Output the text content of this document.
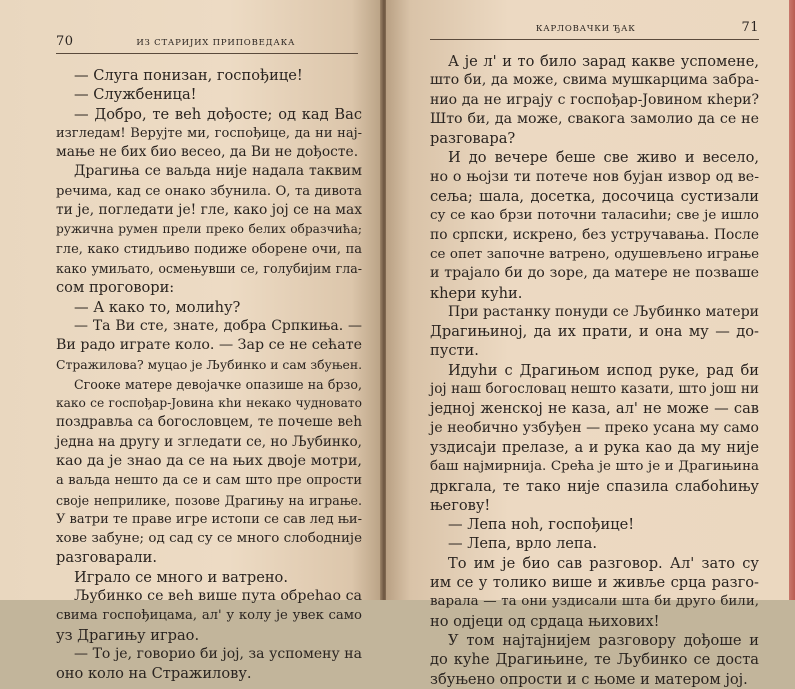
70	ИЗ СТАРИЈИХ ПРИПОВЕДАКА
— Слуга понизан, госпођице!
— Службеница!
— Добро, те веһ дођосте; од кад Вас
изгледам! Верујте ми, госпођице, да ни нај-
мање не бих био весео, да Ви не дођосте.
Драгиња се ваљда није надала таквим
речима, кад се онако збунила. О, та дивота
ти је, погледати је! гле, како јој се на мах
ружична румен прели преко белих образчића;
гле, како стидљиво подиже оборене очи, па
како умиљато, осмењувши се, голубијим гла-
сом проговори:
— А како то, молиһу?
— Та Ви сте, знате, добра Српкиња. —
Ви радо играте коло. — Зар се не сећате
Стражилова? муцао је Љубинко и сам збуњен.
Сгооке матере девојачке опазише на брзо,
како се госпођар-Јовина кһи некако чудновато
поздравља са богословцем, те почеше веһ
једна на другу и згледати се, но Љубинко,
као да је знао да се на њих двоје мотри,
а ваљда нешто да се и сам што пре опрости
своје неприлике, позове Драгињу на играње.
У ватри те праве игре истопи се сав лед њи-
хове забуне; од сад су се много слободније
разговарали.
Играло се много и ватрено.
Љубинко се веһ више пута обреһао са
свима госпођицама, ал' у колу је увек само
уз Драгињу играо.
— То је, говорио би јој, за успомену на
оно коло на Стражилову.
КАРЛОВАЧКИ ЂАК	71
А је л' и то било зарад какве успомене,
што би, да може, свима мушкарцима забра-
нио да не играју с госпођар-Јовином кһери?
Што би, да може, свакога замолио да се не
разговара?
И до вечере беше све живо и весело,
но о њојзи ти потече нов бујан извор од ве-
сеља; шала, досетка, досочица сустизали
су се као брзи поточни таласиһи; све је ишло
по српски, искрено, без устручавања. После
се опет започне ватрено, одушевљено играње
и трајало би до зоре, да матере не позваше
кһери куһи.
При растанку понуди се Љубинко матери
Драгињиној, да их прати, и она му — до-
пусти.
Идуһи с Драгињом испод руке, рад би
јој наш богословац нешто казати, што још ни
једној женској не каза, ал' не може — сав
је необично узбуђен — преко усана му само
уздисаји прелазе, а и рука као да му није
баш најмирнија. Срећа је што је и Драгињина
дркгала, те тако није спазила слабоһињу
његову!
— Лепа ноһ, госпођице!
— Лепа, врло лепа.
То им је био сав разговор. Ал' зато су
им се у толико више и живље срца разго-
варала — та они уздисали шта би друго били,
но одјеци од срдаца њихових!
У том најтајнијем разговору дођоше и
до куһе Драгињине, те Љубинко се доста
збуњено опрости и с њоме и матером јој.
